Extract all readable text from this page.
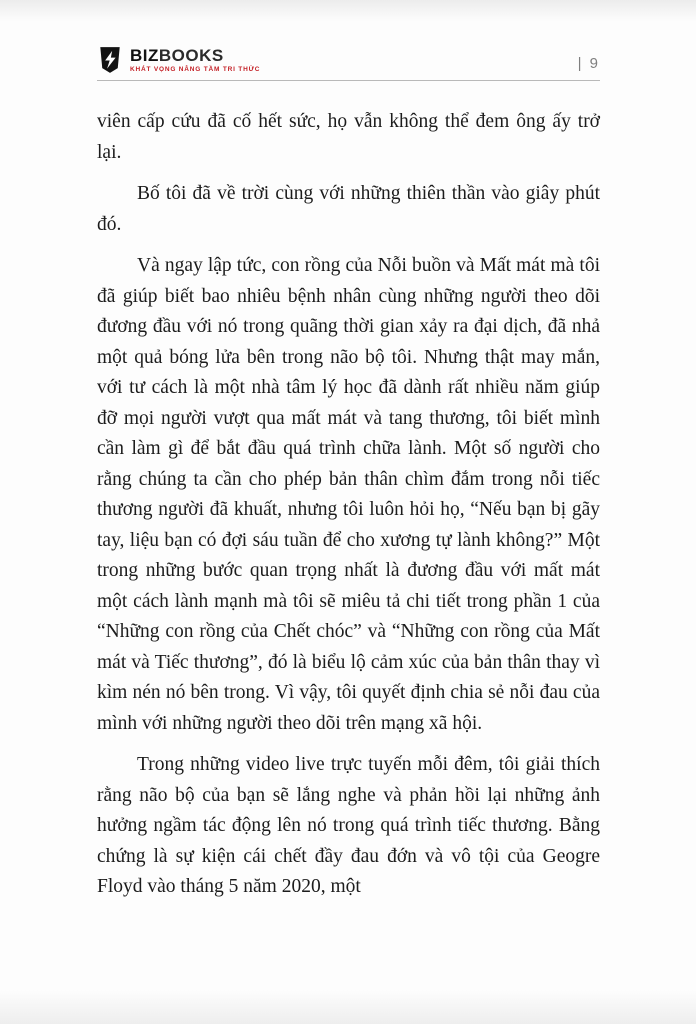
BIZBOOKS
KHÁT VỌNG NÂNG TẦM TRI THỨC	| 9

viên cấp cứu đã cố hết sức, họ vẫn không thể đem ông ấy trở lại.

Bố tôi đã về trời cùng với những thiên thần vào giây phút đó.

Và ngay lập tức, con rồng của Nỗi buồn và Mất mát mà tôi đã giúp biết bao nhiêu bệnh nhân cùng những người theo dõi đương đầu với nó trong quãng thời gian xảy ra đại dịch, đã nhả một quả bóng lửa bên trong não bộ tôi. Nhưng thật may mắn, với tư cách là một nhà tâm lý học đã dành rất nhiều năm giúp đỡ mọi người vượt qua mất mát và tang thương, tôi biết mình cần làm gì để bắt đầu quá trình chữa lành. Một số người cho rằng chúng ta cần cho phép bản thân chìm đắm trong nỗi tiếc thương người đã khuất, nhưng tôi luôn hỏi họ, “Nếu bạn bị gãy tay, liệu bạn có đợi sáu tuần để cho xương tự lành không?” Một trong những bước quan trọng nhất là đương đầu với mất mát một cách lành mạnh mà tôi sẽ miêu tả chi tiết trong phần 1 của “Những con rồng của Chết chóc” và “Những con rồng của Mất mát và Tiếc thương”, đó là biểu lộ cảm xúc của bản thân thay vì kìm nén nó bên trong. Vì vậy, tôi quyết định chia sẻ nỗi đau của mình với những người theo dõi trên mạng xã hội.

Trong những video live trực tuyến mỗi đêm, tôi giải thích rằng não bộ của bạn sẽ lắng nghe và phản hồi lại những ảnh hưởng ngầm tác động lên nó trong quá trình tiếc thương. Bằng chứng là sự kiện cái chết đầy đau đớn và vô tội của Geogre Floyd vào tháng 5 năm 2020, một
